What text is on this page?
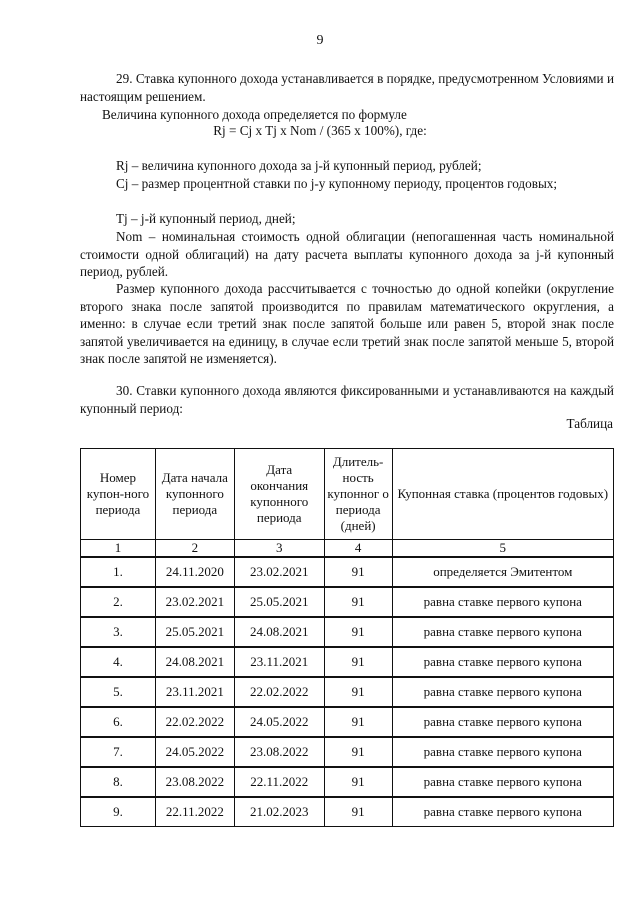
9

29. Ставка купонного дохода устанавливается в порядке, предусмотренном Условиями и настоящим решением.

Величина купонного дохода определяется по формуле

Rj = Cj x Tj x Nom / (365 x 100%), где:

Rj – величина купонного дохода за j-й купонный период, рублей;

Cj – размер процентной ставки по j-у купонному периоду, процентов годовых;

Tj – j-й купонный период, дней;

Nom – номинальная стоимость одной облигации (непогашенная часть номинальной стоимости одной облигаций) на дату расчета выплаты купонного дохода за j-й купонный период, рублей.

Размер купонного дохода рассчитывается с точностью до одной копейки (округление второго знака после запятой производится по правилам математического округления, а именно: в случае если третий знак после запятой больше или равен 5, второй знак после запятой увеличивается на единицу, в случае если третий знак после запятой меньше 5, второй знак после запятой не изменяется).

30. Ставки купонного дохода являются фиксированными и устанавливаются на каждый купонный период:

Таблица
Номер купон-ного периода	Дата начала купонного периода	Дата окончания купонного периода	Длитель-ность купонног о периода (дней)	Купонная ставка (процентов годовых)
1	2	3	4	5
1.	24.11.2020	23.02.2021	91	определяется Эмитентом
2.	23.02.2021	25.05.2021	91	равна ставке первого купона
3.	25.05.2021	24.08.2021	91	равна ставке первого купона
4.	24.08.2021	23.11.2021	91	равна ставке первого купона
5.	23.11.2021	22.02.2022	91	равна ставке первого купона
6.	22.02.2022	24.05.2022	91	равна ставке первого купона
7.	24.05.2022	23.08.2022	91	равна ставке первого купона
8.	23.08.2022	22.11.2022	91	равна ставке первого купона
9.	22.11.2022	21.02.2023	91	равна ставке первого купона
